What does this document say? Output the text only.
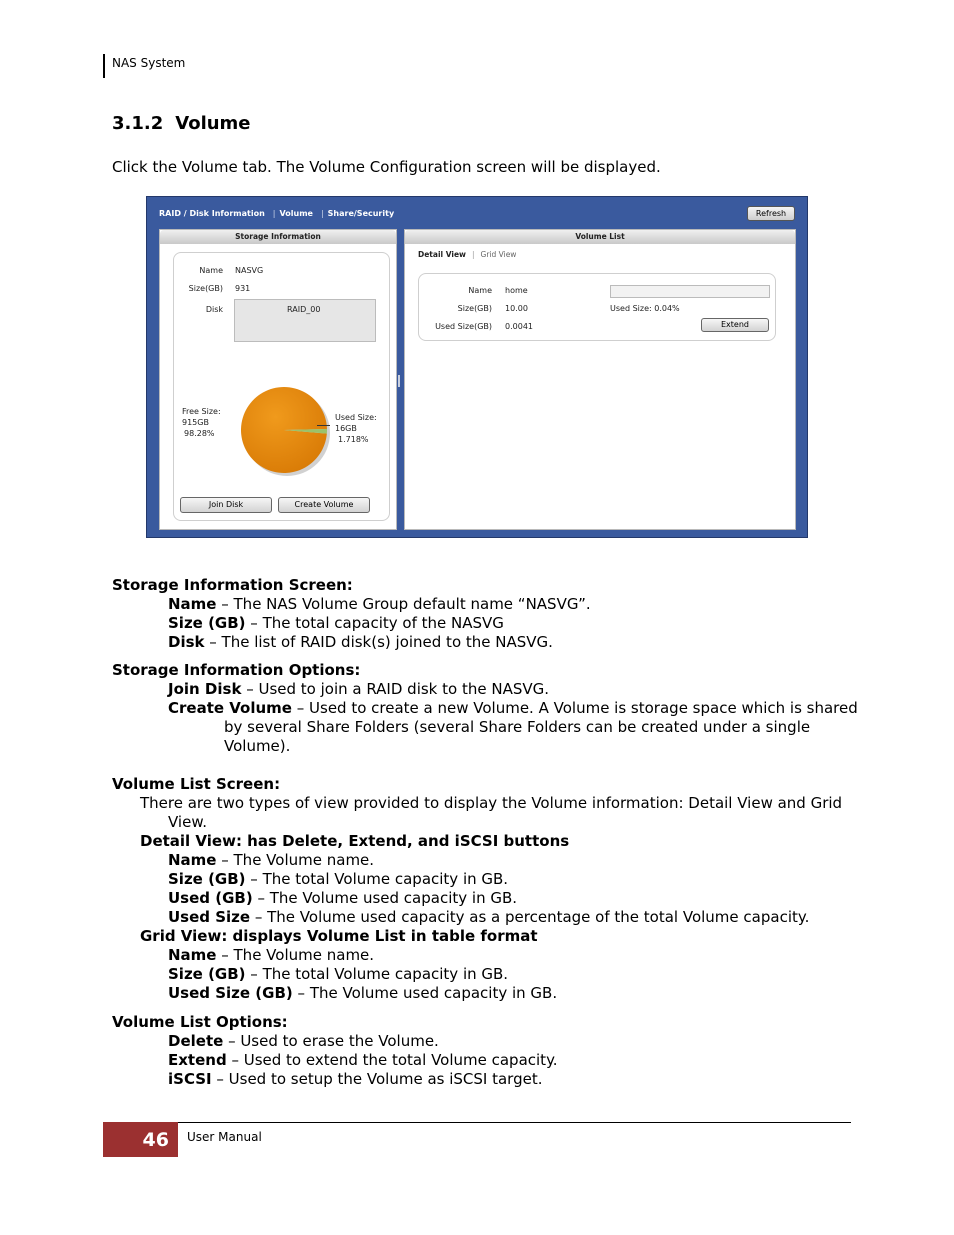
NAS System
3.1.2 Volume
Click the Volume tab. The Volume Configuration screen will be displayed.
RAID / Disk Information | Volume | Share/Security	Refresh
Storage Information
Name NASVG
Size(GB) 931
Disk	RAID_00
Free Size:
915GB
98.28%
Used Size:
16GB
1.718%
Join Disk	Create Volume
Volume List
Detail View | Grid View
Name home
Size(GB) 10.00
Used Size(GB) 0.0041
Used Size: 0.04%
Extend

Storage Information Screen:

Name – The NAS Volume Group default name “NASVG”.

Size (GB) – The total capacity of the NASVG

Disk – The list of RAID disk(s) joined to the NASVG.

Storage Information Options:

Join Disk – Used to join a RAID disk to the NASVG.

Create Volume – Used to create a new Volume. A Volume is storage space which is shared by several Share Folders (several Share Folders can be created under a single Volume).

Volume List Screen:

There are two types of view provided to display the Volume information: Detail View and Grid View.

Detail View: has Delete, Extend, and iSCSI buttons

Name – The Volume name.

Size (GB) – The total Volume capacity in GB.

Used (GB) – The Volume used capacity in GB.

Used Size – The Volume used capacity as a percentage of the total Volume capacity.

Grid View: displays Volume List in table format

Name – The Volume name.

Size (GB) – The total Volume capacity in GB.

Used Size (GB) – The Volume used capacity in GB.

Volume List Options:

Delete – Used to erase the Volume.

Extend – Used to extend the total Volume capacity.

iSCSI – Used to setup the Volume as iSCSI target.

46	User Manual
